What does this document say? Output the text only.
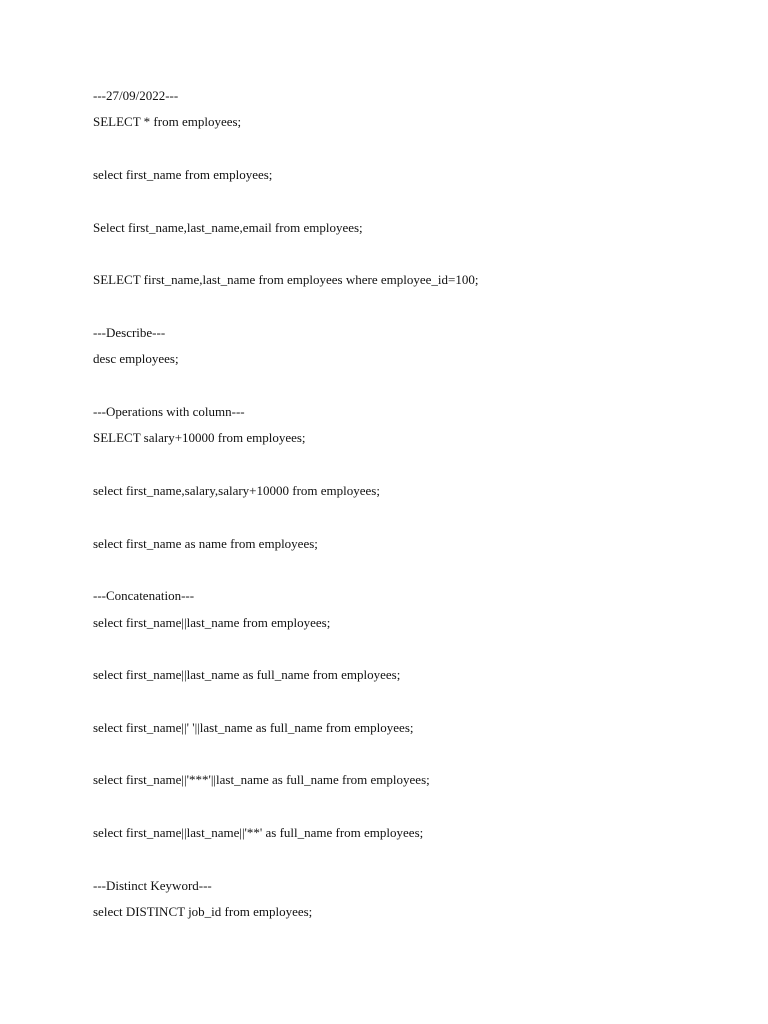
---27/09/2022---

SELECT * from employees;

select first_name from employees;

Select first_name,last_name,email from employees;

SELECT first_name,last_name from employees where employee_id=100;

---Describe---

desc employees;

---Operations with column---

SELECT salary+10000 from employees;

select first_name,salary,salary+10000 from employees;

select first_name as name from employees;

---Concatenation---

select first_name||last_name from employees;

select first_name||last_name as full_name from employees;

select first_name||' '||last_name as full_name from employees;

select first_name||'***'||last_name as full_name from employees;

select first_name||last_name||'**' as full_name from employees;

---Distinct Keyword---

select DISTINCT job_id from employees;
